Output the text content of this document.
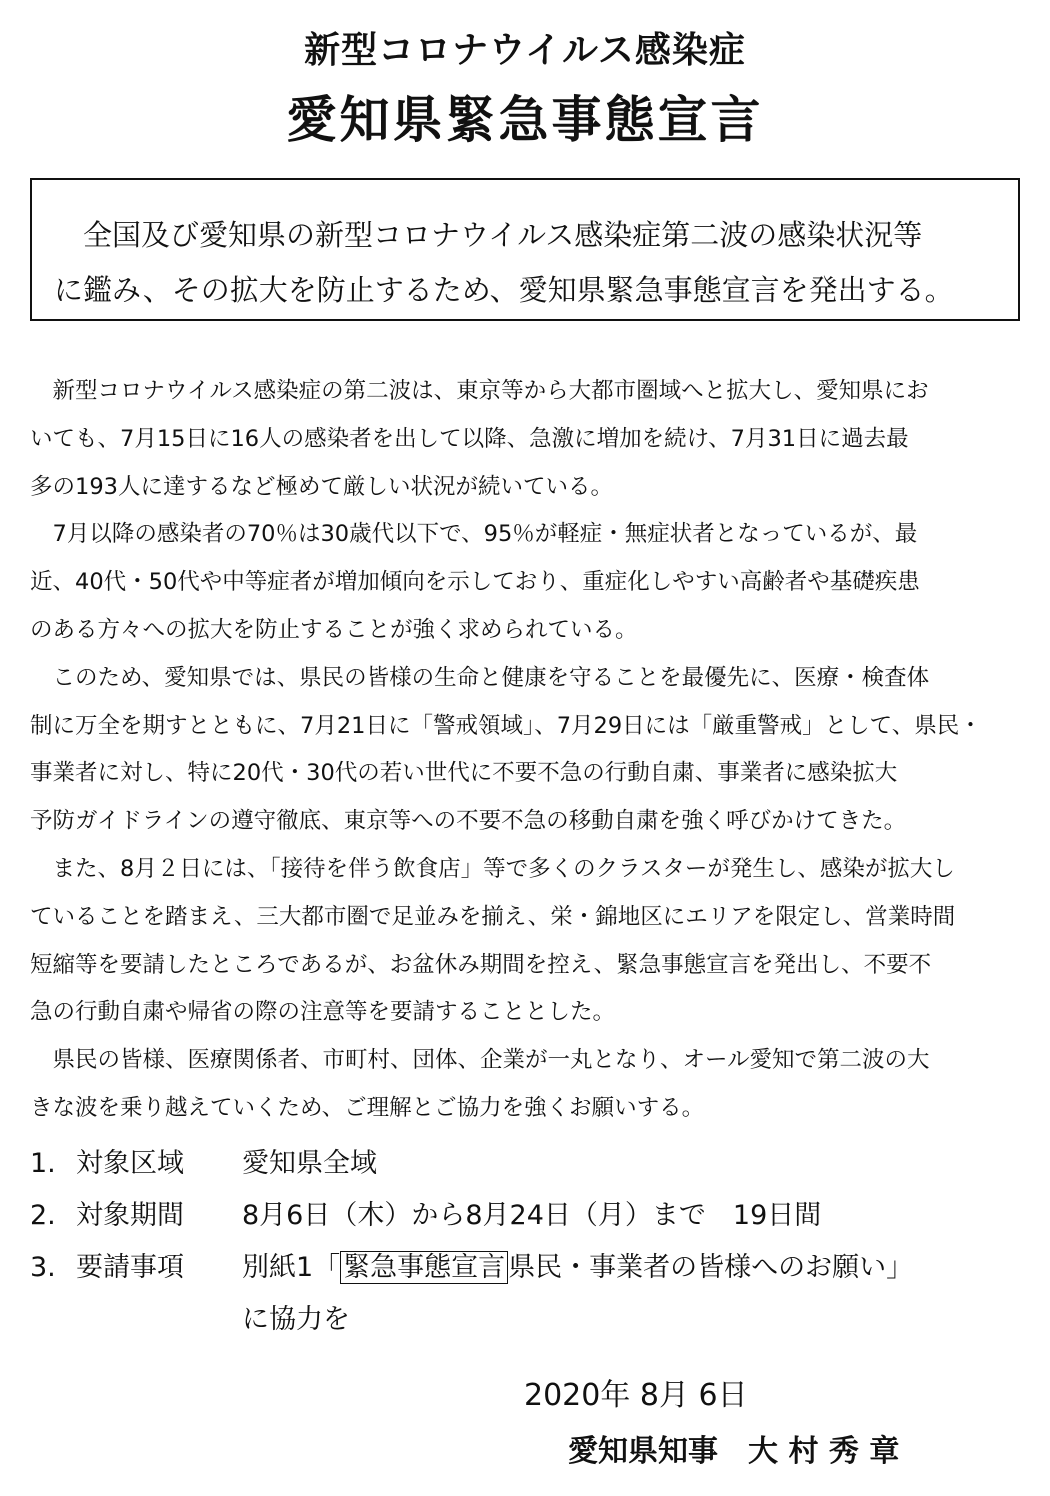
新型コロナウイルス感染症
愛知県緊急事態宣言
　全国及び愛知県の新型コロナウイルス感染症第二波の感染状況等
に鑑み、その拡大を防止するため、愛知県緊急事態宣言を発出する。
　新型コロナウイルス感染症の第二波は、東京等から大都市圏域へと拡大し、愛知県にお
いても、7月15日に16人の感染者を出して以降、急激に増加を続け、7月31日に過去最
多の193人に達するなど極めて厳しい状況が続いている。
　7月以降の感染者の70％は30歳代以下で、95％が軽症・無症状者となっているが、最
近、40代・50代や中等症者が増加傾向を示しており、重症化しやすい高齢者や基礎疾患
のある方々への拡大を防止することが強く求められている。
　このため、愛知県では、県民の皆様の生命と健康を守ることを最優先に、医療・検査体
制に万全を期すとともに、7月21日に「警戒領域」、7月29日には「厳重警戒」として、県民・
事業者に対し、特に20代・30代の若い世代に不要不急の行動自粛、事業者に感染拡大
予防ガイドラインの遵守徹底、東京等への不要不急の移動自粛を強く呼びかけてきた。
　また、8月２日には、「接待を伴う飲食店」等で多くのクラスターが発生し、感染が拡大し
ていることを踏まえ、三大都市圏で足並みを揃え、栄・錦地区にエリアを限定し、営業時間
短縮等を要請したところであるが、お盆休み期間を控え、緊急事態宣言を発出し、不要不
急の行動自粛や帰省の際の注意等を要請することとした。
　県民の皆様、医療関係者、市町村、団体、企業が一丸となり、オール愛知で第二波の大
きな波を乗り越えていくため、ご理解とご協力を強くお願いする。
1. 対象区域 愛知県全域
2. 対象期間 8月6日（木）から8月24日（月）まで　19日間
3. 要請事項 別紙1「 緊急事態宣言 県民・事業者の皆様へのお願い」
に協力を
2020年 8月 6日
愛知県知事　大 村 秀 章
